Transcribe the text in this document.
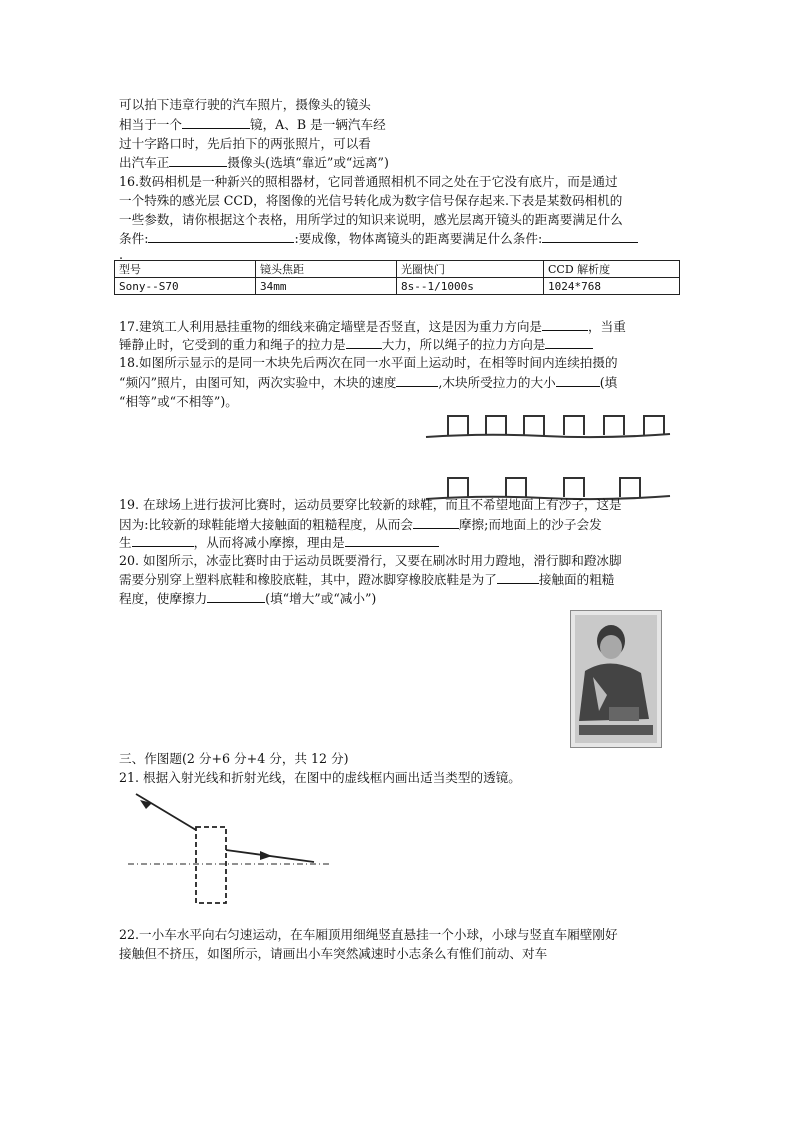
可以拍下违章行驶的汽车照片，摄像头的镜头
相当于一个	镜，A、B 是一辆汽车经
过十字路口时，先后拍下的两张照片，可以看
出汽车正	摄像头(选填“靠近”或“远离”)
16.数码相机是一种新兴的照相器材，它同普通照相机不同之处在于它没有底片，而是通过
一个特殊的感光层 CCD，将图像的光信号转化成为数字信号保存起来.下表是某数码相机的
一些参数，请你根据这个表格，用所学过的知识来说明，感光层离开镜头的距离要满足什么
条件:	:要成像，物体离镜头的距离要满足什么条件:
.
型号	镜头焦距	光圈快门	CCD 解析度
Sony--S70	34mm	8s--1/1000s	1024*768
17.建筑工人利用悬挂重物的细线来确定墙壁是否竖直，这是因为重力方向是	，当重
锤静止时，它受到的重力和绳子的拉力是	大力，所以绳子的拉力方向是
18.如图所示显示的是同一木块先后两次在同一水平面上运动时，在相等时间内连续拍摄的
“频闪”照片，由图可知，两次实验中，木块的速度	,木块所受拉力的大小	(填
“相等”或“不相等”)。
19. 在球场上进行拔河比赛时，运动员要穿比较新的球鞋，而且不希望地面上有沙子，这是
因为:比较新的球鞋能增大接触面的粗糙程度，从而会	摩擦;而地面上的沙子会发
生	，从而将减小摩擦，理由是
20. 如图所示，冰壶比赛时由于运动员既要滑行，又要在刷冰时用力蹬地，滑行脚和蹬冰脚
需要分别穿上塑料底鞋和橡胶底鞋，其中，蹬冰脚穿橡胶底鞋是为了	接触面的粗糙
程度，使摩擦力	(填“增大”或“减小”)
三、作图题(2 分+6 分+4 分，共 12 分)
21. 根据入射光线和折射光线，在图中的虚线框内画出适当类型的透镜。
22.一小车水平向右匀速运动，在车厢顶用细绳竖直悬挂一个小球，小球与竖直车厢壁刚好
接触但不挤压，如图所示，请画出小车突然减速时小志条么有惟们前动、对车
